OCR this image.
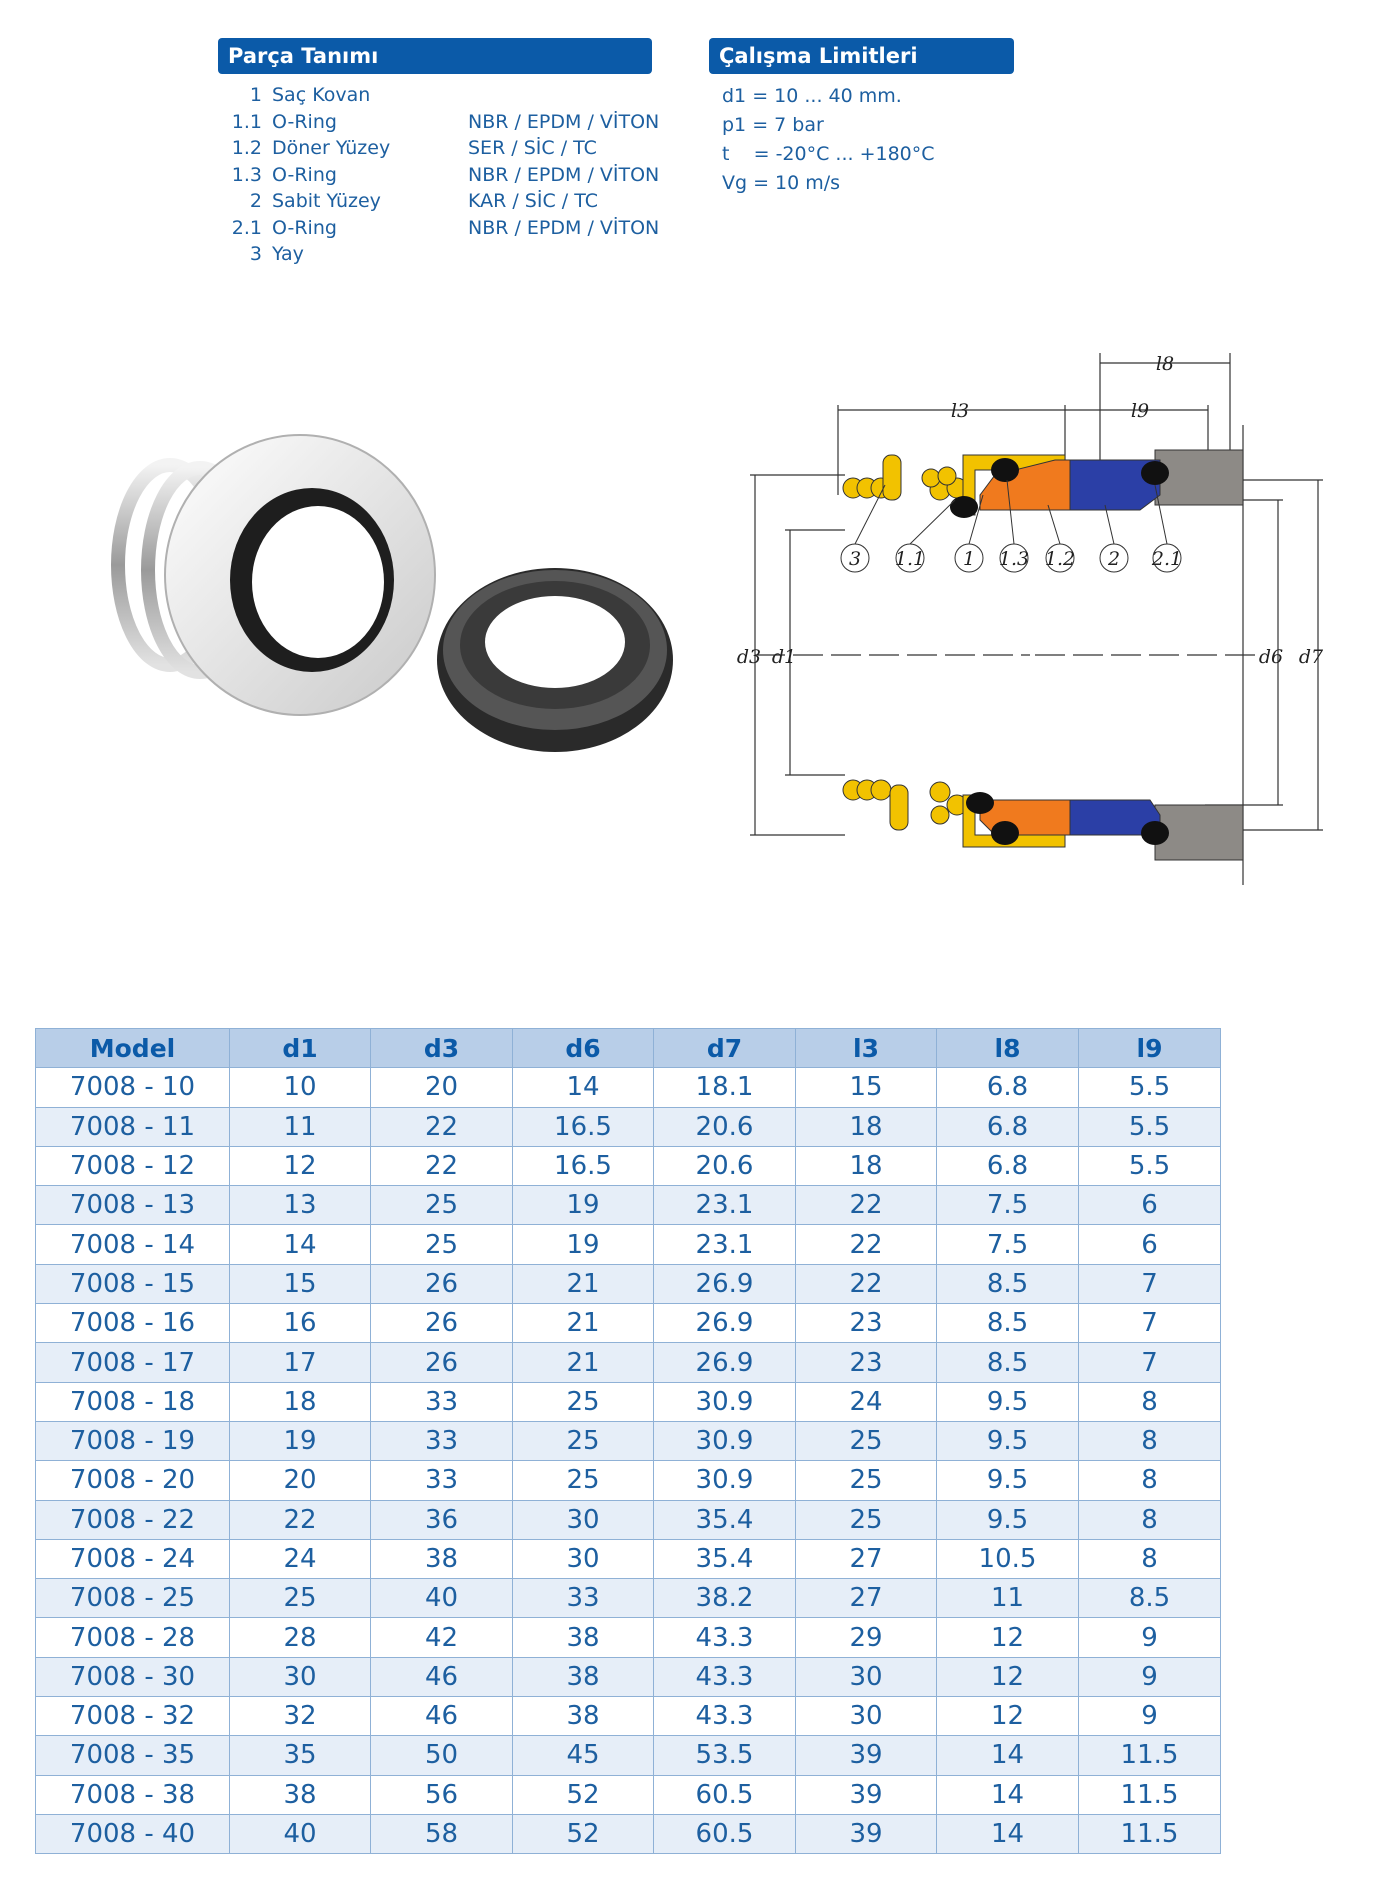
Parça Tanımı	Çalışma Limitleri
1 Saç Kovan
1.1 O-Ring	NBR / EPDM / VİTON
1.2 Döner Yüzey	SER / SİC / TC
1.3 O-Ring	NBR / EPDM / VİTON
2 Sabit Yüzey	KAR / SİC / TC
2.1 O-Ring	NBR / EPDM / VİTON
3 Yay
d1 = 10 ... 40 mm.
p1 = 7 bar
t    = -20°C ... +180°C
Vg = 10 m/s
3 1.1 1 1.3 1.2 2 2.1
l8
l3	l9
d3 d1	d6 d7
Model	d1	d3	d6	d7	l3	l8	l9
7008 - 10	10	20	14	18.1	15	6.8	5.5
7008 - 11	11	22	16.5	20.6	18	6.8	5.5
7008 - 12	12	22	16.5	20.6	18	6.8	5.5
7008 - 13	13	25	19	23.1	22	7.5	6
7008 - 14	14	25	19	23.1	22	7.5	6
7008 - 15	15	26	21	26.9	22	8.5	7
7008 - 16	16	26	21	26.9	23	8.5	7
7008 - 17	17	26	21	26.9	23	8.5	7
7008 - 18	18	33	25	30.9	24	9.5	8
7008 - 19	19	33	25	30.9	25	9.5	8
7008 - 20	20	33	25	30.9	25	9.5	8
7008 - 22	22	36	30	35.4	25	9.5	8
7008 - 24	24	38	30	35.4	27	10.5	8
7008 - 25	25	40	33	38.2	27	11	8.5
7008 - 28	28	42	38	43.3	29	12	9
7008 - 30	30	46	38	43.3	30	12	9
7008 - 32	32	46	38	43.3	30	12	9
7008 - 35	35	50	45	53.5	39	14	11.5
7008 - 38	38	56	52	60.5	39	14	11.5
7008 - 40	40	58	52	60.5	39	14	11.5
